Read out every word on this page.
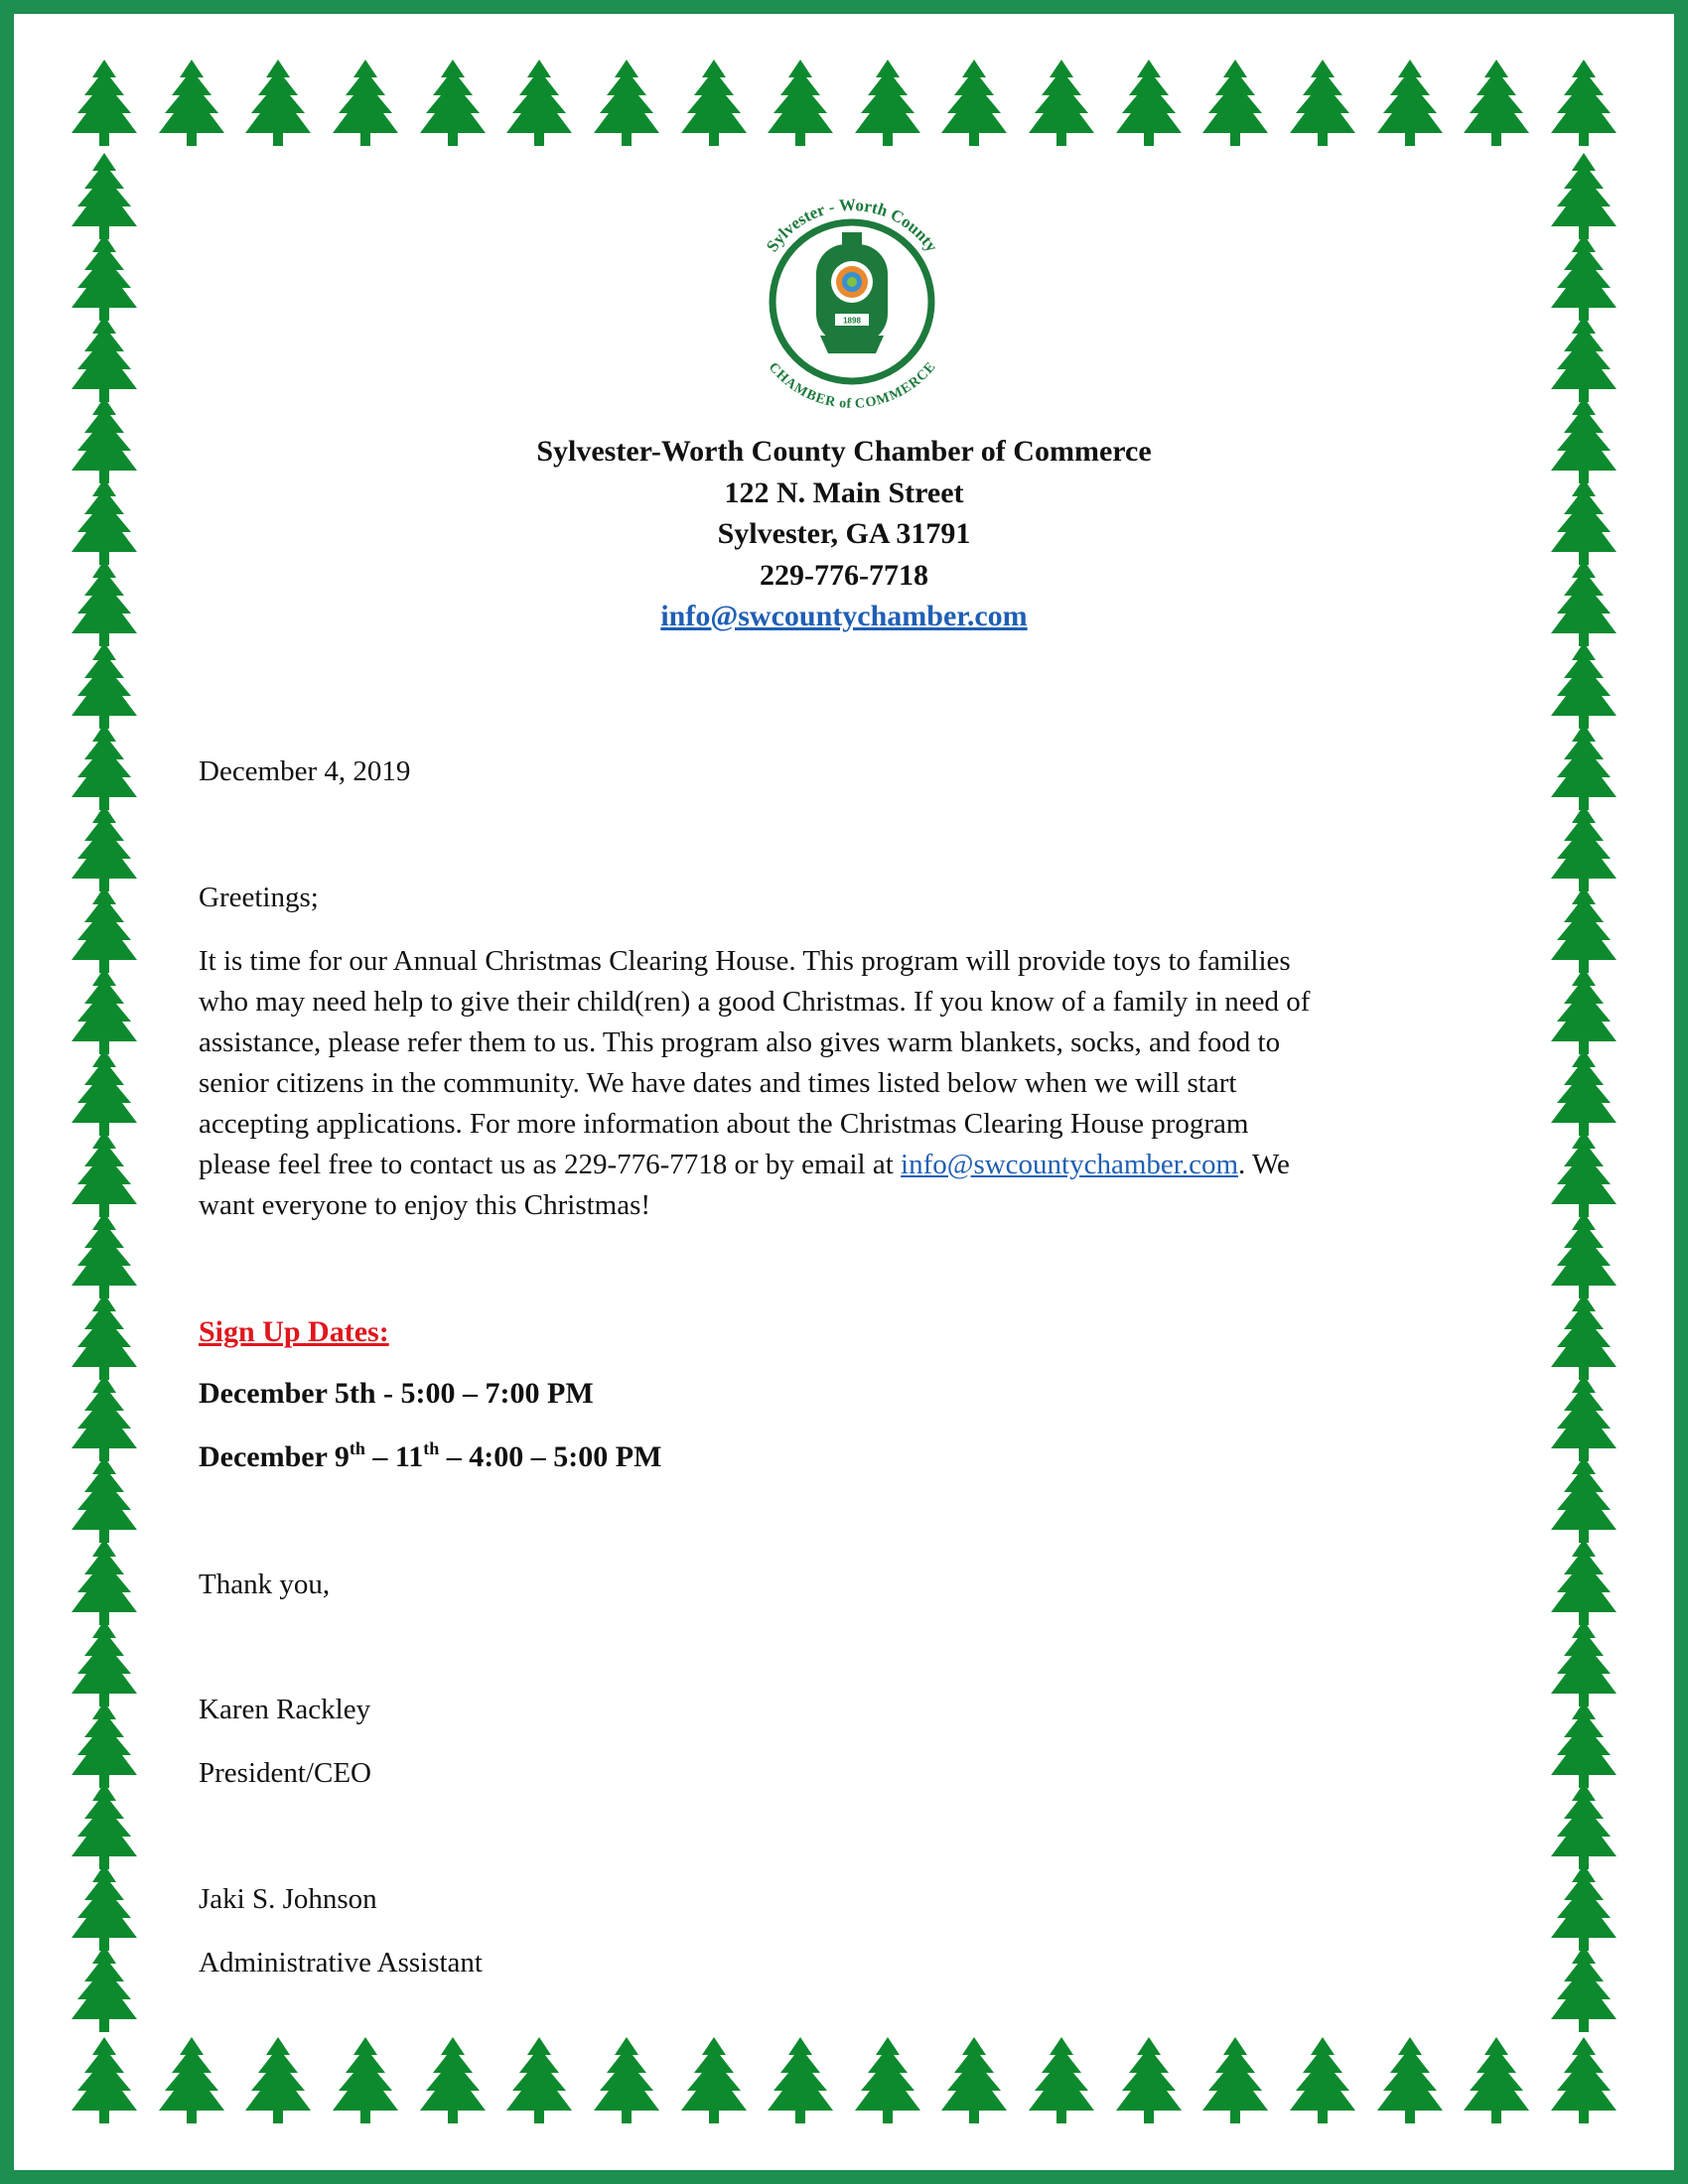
Sylvester - Worth County
CHAMBER of COMMERCE
1898
Sylvester-Worth County Chamber of Commerce
122 N. Main Street
Sylvester, GA 31791
229-776-7718
info@swcountychamber.com
December 4, 2019
Greetings;

It is time for our Annual Christmas Clearing House. This program will provide toys to families

who may need help to give their child(ren) a good Christmas. If you know of a family in need of

assistance, please refer them to us. This program also gives warm blankets, socks, and food to

senior citizens in the community. We have dates and times listed below when we will start

accepting applications. For more information about the Christmas Clearing House program

please feel free to contact us as 229-776-7718 or by email at info@swcountychamber.com. We

want everyone to enjoy this Christmas!

Sign Up Dates:
December 5th - 5:00 – 7:00 PM
December 9th – 11th – 4:00 – 5:00 PM
Thank you,
Karen Rackley
President/CEO
Jaki S. Johnson
Administrative Assistant
